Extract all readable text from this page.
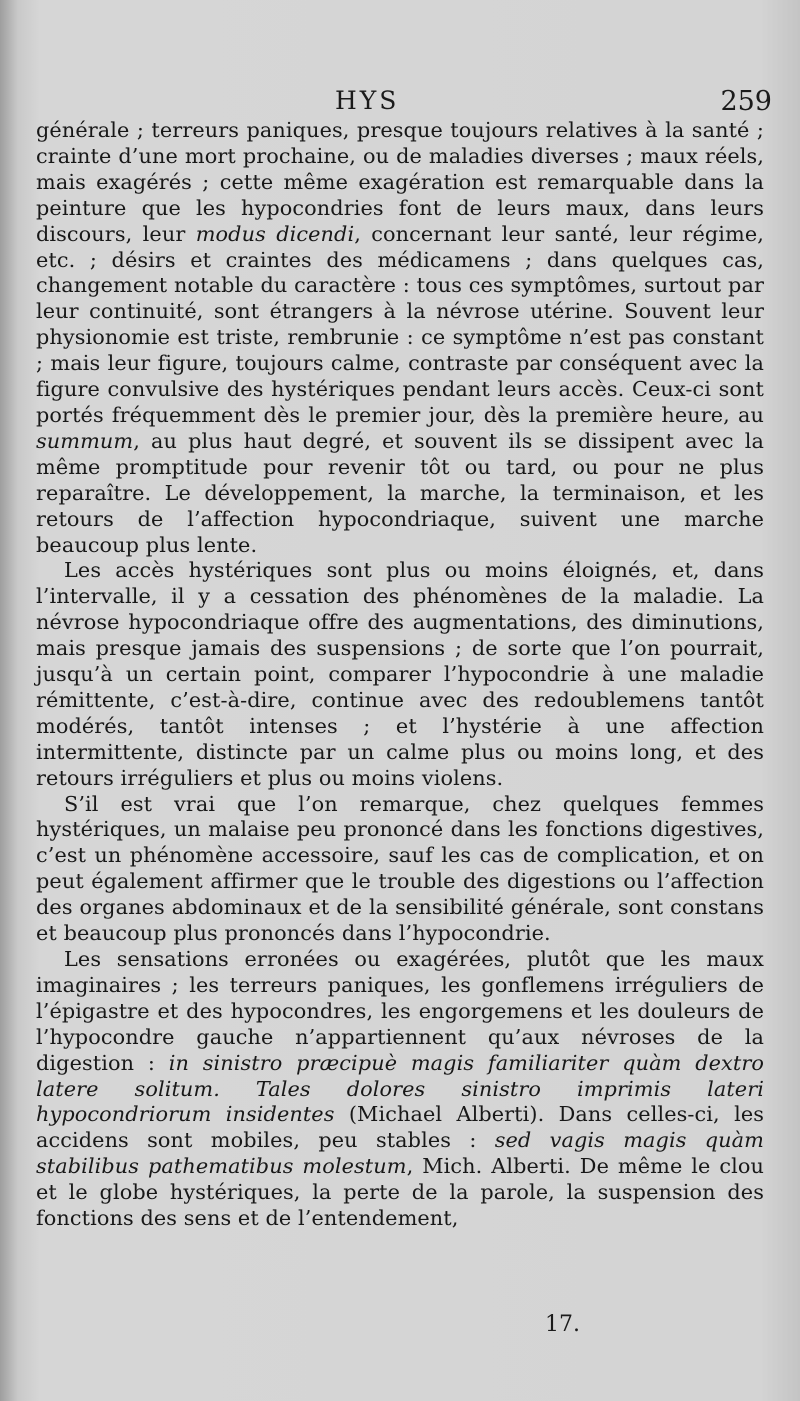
HYS	259

générale ; terreurs paniques, presque toujours relatives à la santé ; crainte d’une mort prochaine, ou de maladies diverses ; maux réels, mais exagérés ; cette même exagération est remarquable dans la peinture que les hypocondries font de leurs maux, dans leurs discours, leur modus dicendi, concernant leur santé, leur régime, etc. ; désirs et craintes des médicamens ; dans quelques cas, changement notable du caractère : tous ces symptômes, surtout par leur continuité, sont étrangers à la névrose utérine. Souvent leur physionomie est triste, rembrunie : ce symptôme n’est pas constant ; mais leur figure, toujours calme, contraste par conséquent avec la figure convulsive des hystériques pendant leurs accès. Ceux-ci sont portés fréquemment dès le premier jour, dès la première heure, au summum, au plus haut degré, et souvent ils se dissipent avec la même promptitude pour revenir tôt ou tard, ou pour ne plus reparaître. Le développement, la marche, la terminaison, et les retours de l’affection hypocondriaque, suivent une marche beaucoup plus lente.

Les accès hystériques sont plus ou moins éloignés, et, dans l’intervalle, il y a cessation des phénomènes de la maladie. La névrose hypocondriaque offre des augmentations, des diminutions, mais presque jamais des suspensions ; de sorte que l’on pourrait, jusqu’à un certain point, comparer l’hypocondrie à une maladie rémittente, c’est-à-dire, continue avec des redoublemens tantôt modérés, tantôt intenses ; et l’hystérie à une affection intermittente, distincte par un calme plus ou moins long, et des retours irréguliers et plus ou moins violens.

S’il est vrai que l’on remarque, chez quelques femmes hystériques, un malaise peu prononcé dans les fonctions digestives, c’est un phénomène accessoire, sauf les cas de complication, et on peut également affirmer que le trouble des digestions ou l’affection des organes abdominaux et de la sensibilité générale, sont constans et beaucoup plus prononcés dans l’hypocondrie.

Les sensations erronées ou exagérées, plutôt que les maux imaginaires ; les terreurs paniques, les gonflemens irréguliers de l’épigastre et des hypocondres, les engorgemens et les douleurs de l’hypocondre gauche n’appartiennent qu’aux névroses de la digestion : in sinistro præcipuè magis familiariter quàm dextro latere solitum. Tales dolores sinistro imprimis lateri hypocondriorum insidentes (Michael Alberti). Dans celles-ci, les accidens sont mobiles, peu stables : sed vagis magis quàm stabilibus pathematibus molestum, Mich. Alberti. De même le clou et le globe hystériques, la perte de la parole, la suspension des fonctions des sens et de l’entendement,

17.
